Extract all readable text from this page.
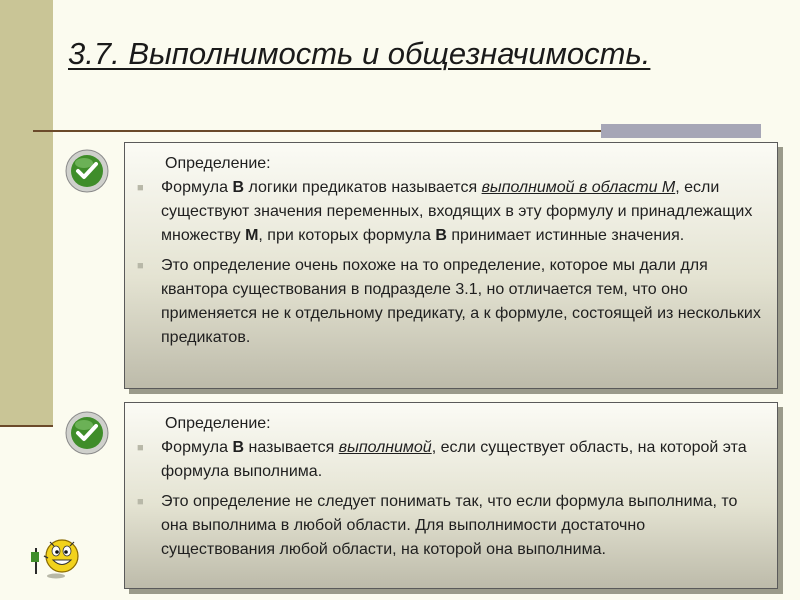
3.7. Выполнимость и общезначимость.
Определение:
■ Формула B логики предикатов называется выполнимой в области М, если существуют значения переменных, входящих в эту формулу и принадлежащих множеству М, при которых формула B принимает истинные значения.
■ Это определение очень похоже на то определение, которое мы дали для квантора существования в подразделе 3.1, но отличается тем, что оно применяется не к отдельному предикату, а к формуле, состоящей из нескольких предикатов.
Определение:
■ Формула B называется выполнимой, если существует область, на которой эта формула выполнима.
■ Это определение не следует понимать так, что если формула выполнима, то она выполнима в любой области. Для выполнимости достаточно существования любой области, на которой она выполнима.
